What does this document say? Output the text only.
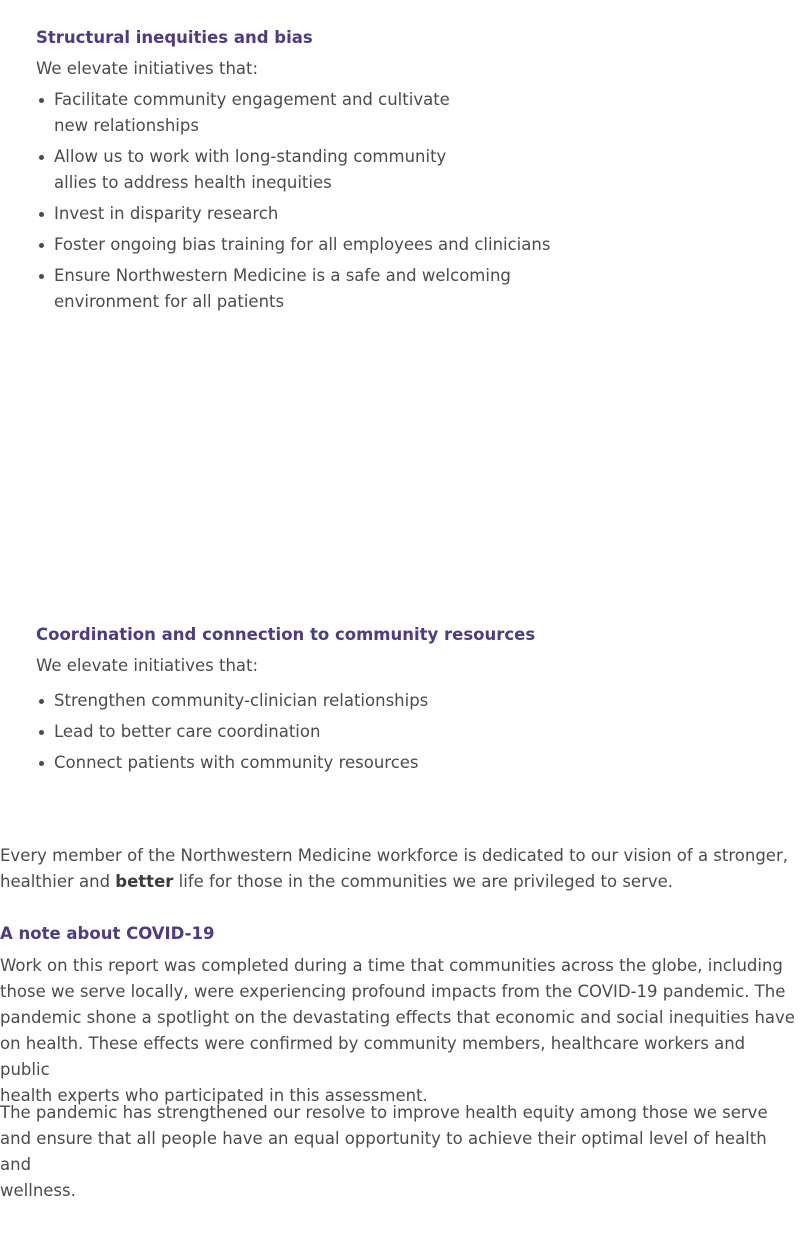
Structural inequities and bias
We elevate initiatives that:
Facilitate community engagement and cultivate
new relationships
Allow us to work with long-standing community
allies to address health inequities
Invest in disparity research
Foster ongoing bias training for all employees and clinicians
Ensure Northwestern Medicine is a safe and welcoming
environment for all patients
Coordination and connection to community resources
We elevate initiatives that:
Strengthen community-clinician relationships
Lead to better care coordination
Connect patients with community resources
Every member of the Northwestern Medicine workforce is dedicated to our vision of a stronger,
healthier and better life for those in the communities we are privileged to serve.
A note about COVID-19
Work on this report was completed during a time that communities across the globe, including
those we serve locally, were experiencing profound impacts from the COVID-19 pandemic. The
pandemic shone a spotlight on the devastating effects that economic and social inequities have
on health. These effects were confirmed by community members, healthcare workers and public
health experts who participated in this assessment.
The pandemic has strengthened our resolve to improve health equity among those we serve
and ensure that all people have an equal opportunity to achieve their optimal level of health and
wellness.
